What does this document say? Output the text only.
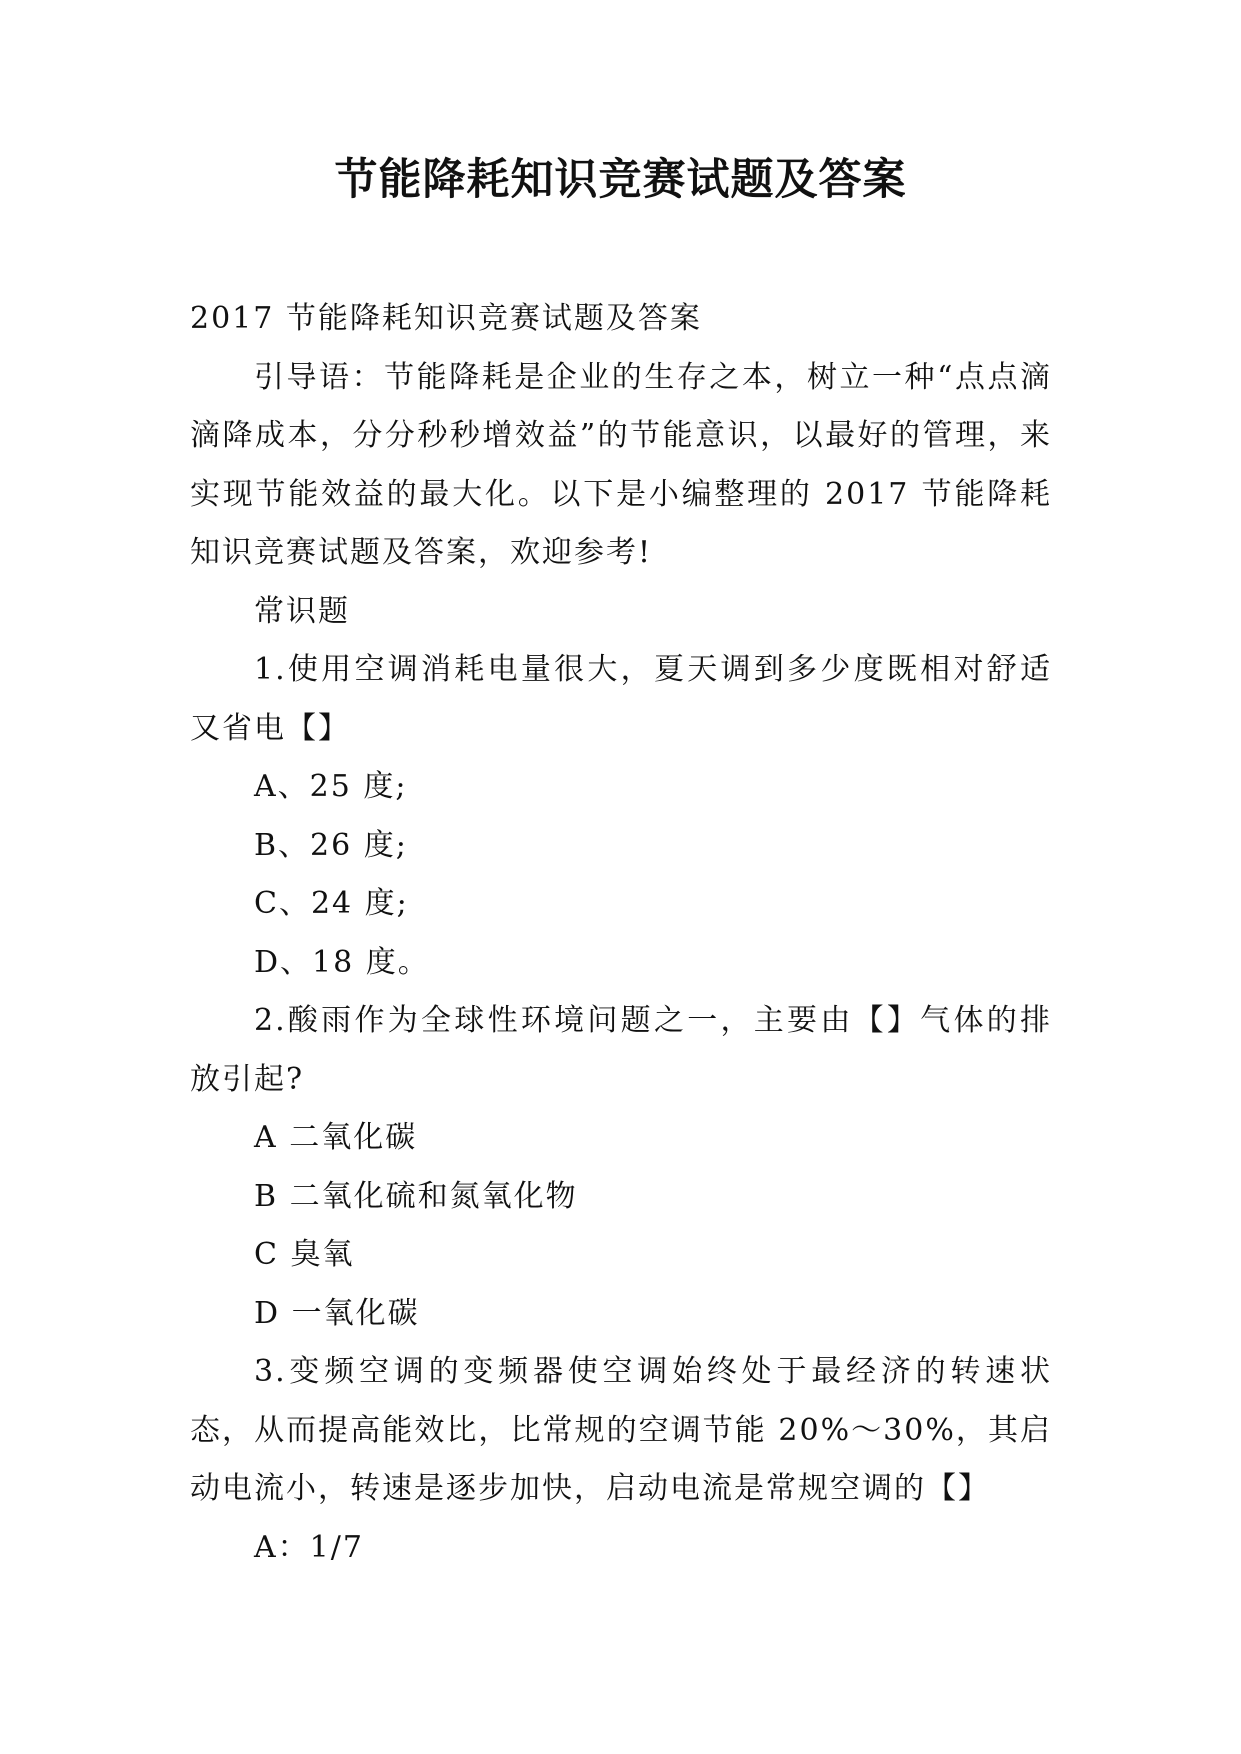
节能降耗知识竞赛试题及答案

2017 节能降耗知识竞赛试题及答案

引导语：节能降耗是企业的生存之本，树立一种“点点滴滴降成本，分分秒秒增效益”的节能意识，以最好的管理，来实现节能效益的最大化。以下是小编整理的 2017 节能降耗知识竞赛试题及答案，欢迎参考!

常识题

1.使用空调消耗电量很大，夏天调到多少度既相对舒适又省电【】

A、25 度;

B、26 度;

C、24 度;

D、18 度。

2.酸雨作为全球性环境问题之一，主要由【】气体的排放引起?

A 二氧化碳

B 二氧化硫和氮氧化物

C 臭氧

D 一氧化碳

3.变频空调的变频器使空调始终处于最经济的转速状态，从而提高能效比，比常规的空调节能 20%～30%，其启动电流小，转速是逐步加快，启动电流是常规空调的【】

A：1/7
